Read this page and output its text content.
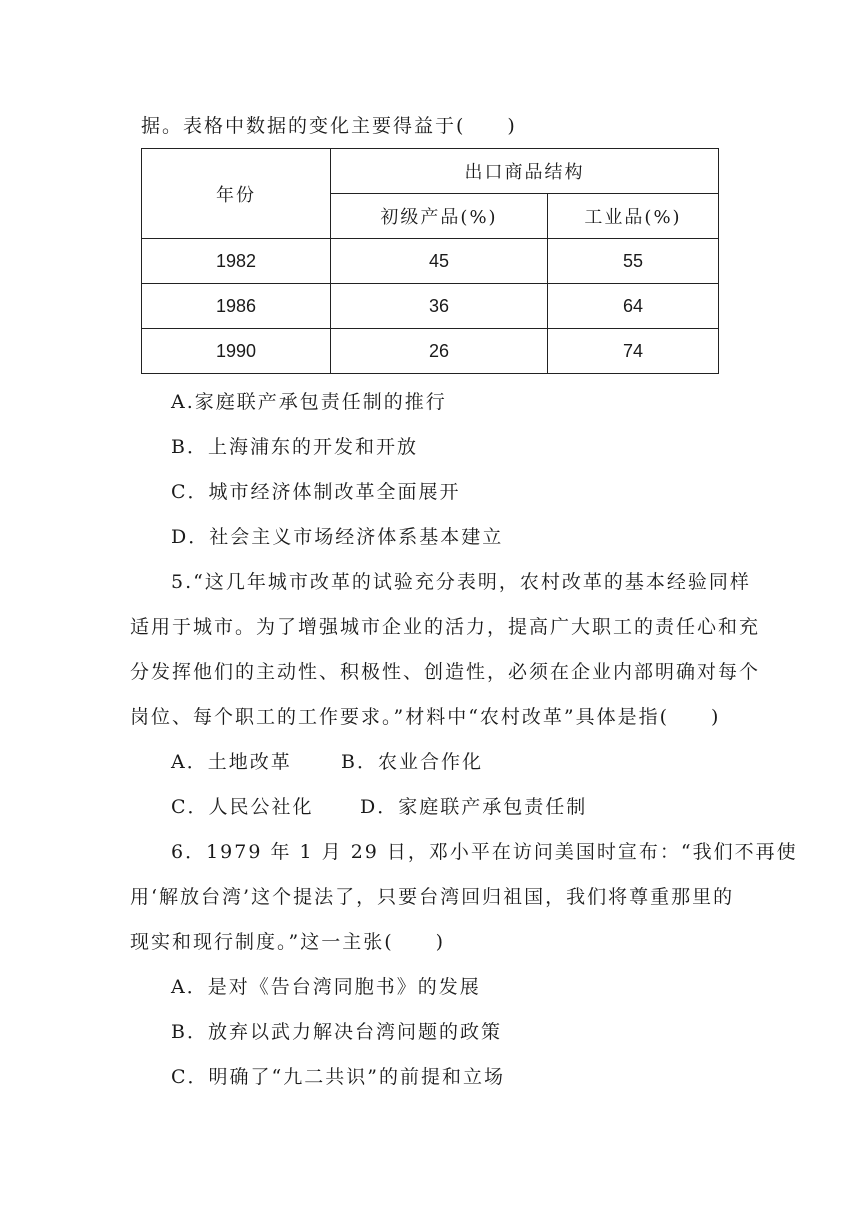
据。表格中数据的变化主要得益于(　　)
年份	出口商品结构	
	初级产品(%)	工业品(%)
1982	45	55
1986	36	64
1990	26	74
A.家庭联产承包责任制的推行
B．上海浦东的开发和开放
C．城市经济体制改革全面展开
D．社会主义市场经济体系基本建立
5.“这几年城市改革的试验充分表明，农村改革的基本经验同样
适用于城市。为了增强城市企业的活力，提高广大职工的责任心和充
分发挥他们的主动性、积极性、创造性，必须在企业内部明确对每个
岗位、每个职工的工作要求。”材料中“农村改革”具体是指(　　)
A．土地改革	B．农业合作化
C．人民公社化 D．家庭联产承包责任制
6．1979 年 1 月 29 日，邓小平在访问美国时宣布：“我们不再使
用‘解放台湾’这个提法了，只要台湾回归祖国，我们将尊重那里的
现实和现行制度。”这一主张(　　)
A．是对《告台湾同胞书》的发展
B．放弃以武力解决台湾问题的政策
C．明确了“九二共识”的前提和立场
